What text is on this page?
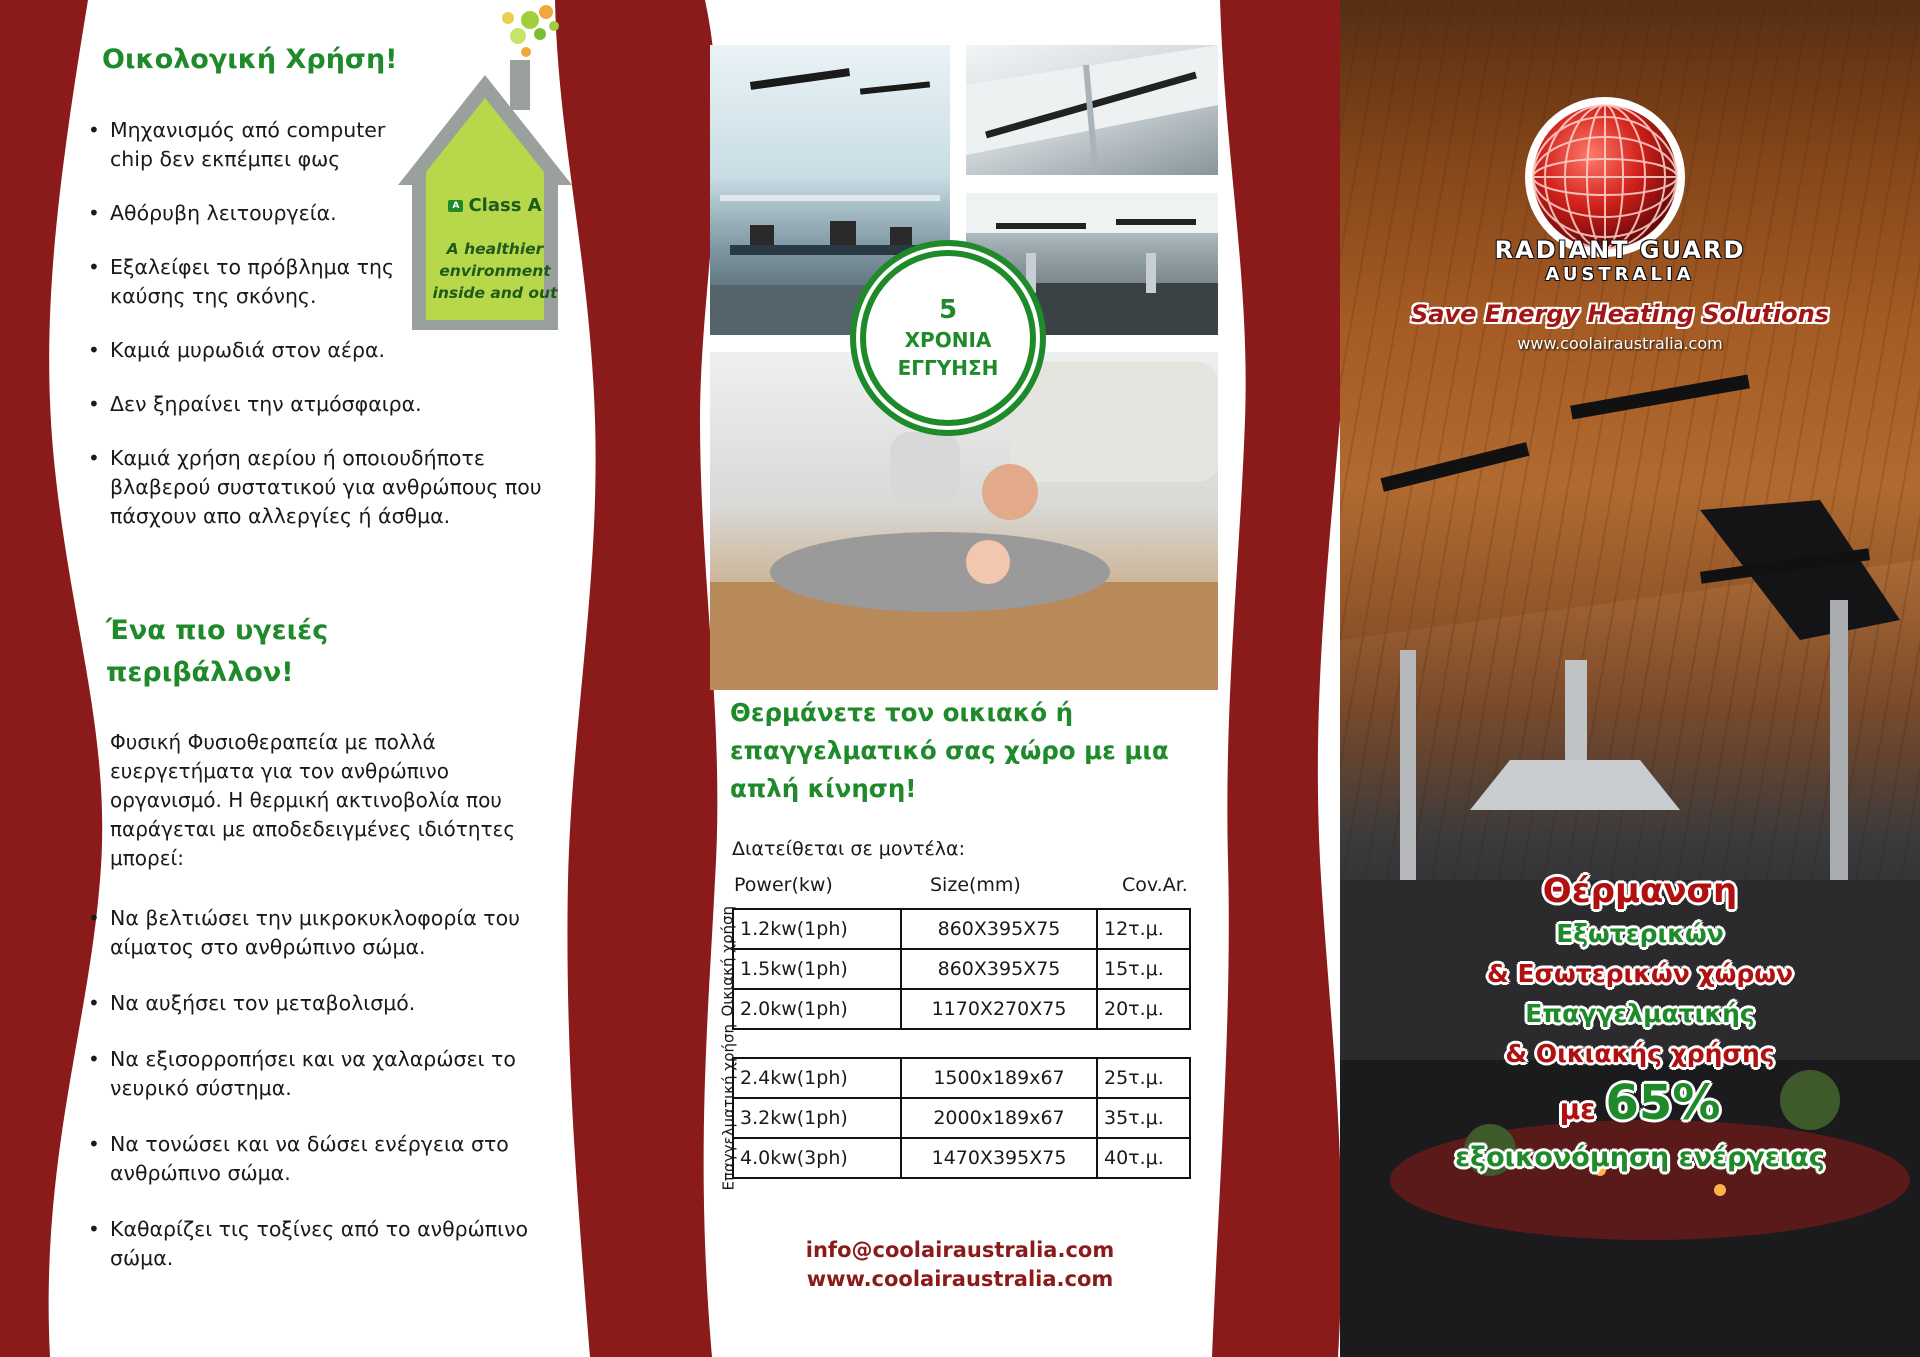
Οικολογική Χρήση!
• Μηχανισμός από computer chip δεν εκπέμπει φως
• Αθόρυβη λειτουργεία.
• Εξαλείφει το πρόβλημα της καύσης της σκόνης.
• Καμιά μυρωδιά στον αέρα.
• Δεν ξηραίνει την ατμόσφαιρα.
• Καμιά χρήση αερίου ή οποιουδήποτε βλαβερού συστατικού για ανθρώπους που πάσχουν απο αλλεργίες ή άσθμα.
A Class A
A healthier
environment
inside and out
Ένα πιο υγειές περιβάλλον!

Φυσική Φυσιοθεραπεία με πολλά ευεργετήματα για τον ανθρώπινο οργανισμό. Η θερμική ακτινοβολία που παράγεται με αποδεδειγμένες ιδιότητες μπορεί:

• Να βελτιώσει την μικροκυκλοφορία του αίματος στο ανθρώπινο σώμα.
• Να αυξήσει τον μεταβολισμό.
• Να εξισορροπήσει και να χαλαρώσει το νευρικό σύστημα.
• Να τονώσει και να δώσει ενέργεια στο ανθρώπινο σώμα.
• Καθαρίζει τις τοξίνες από το ανθρώπινο σώμα.
5
ΧΡΟΝΙΑ
ΕΓΓΥΗΣΗ
Θερμάνετε τον οικιακό ή επαγγελματικό σας χώρο με μια απλή κίνηση!
Διατείθεται σε μοντέλα:
Power(kw)	Size(mm)	Cov.Ar.
Οικιακή χρήση 1.2kw(1ph)	860X395X75	12τ.μ.
1.5kw(1ph)	860X395X75	15τ.μ.
2.0kw(1ph)	1170X270X75	20τ.μ.
Επαγγελματική χρήση 2.4kw(1ph)	1500x189x67	25τ.μ.
3.2kw(1ph)	2000x189x67	35τ.μ.
4.0kw(3ph)	1470X395X75	40τ.μ.
info@coolairaustralia.com
www.coolairaustralia.com
RADIANT GUARD
AUSTRALIA
Save Energy Heating Solutions
www.coolairaustralia.com
Θέρμανση
Εξωτερικών
& Εσωτερικών χώρων
Επαγγελματικής
& Οικιακής χρήσης
με 65%
εξοικονόμηση ενέργειας
